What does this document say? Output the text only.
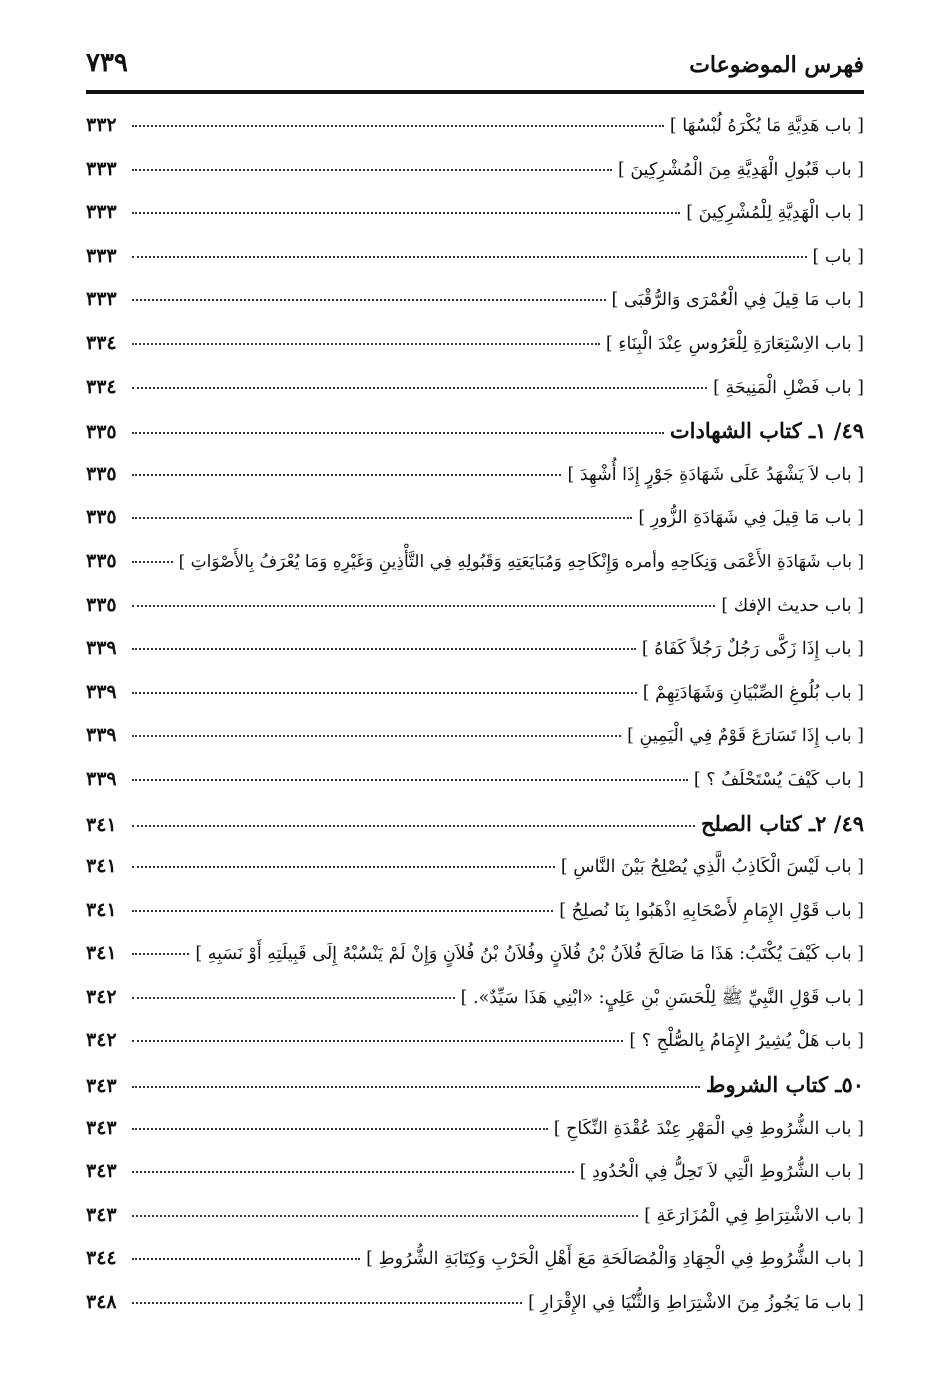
فهرس الموضوعات
٧٣٩
[ باب هَدِيَّةِ مَا يُكْرَهُ لُبْسُهَا ]
٣٣٢
[ باب قَبُولِ الْهَدِيَّةِ مِنَ الْمُشْرِكِينَ ]
٣٣٣
[ باب الْهَدِيَّةِ لِلْمُشْرِكِينَ ]
٣٣٣
[ باب ]
٣٣٣
[ باب مَا قِيلَ فِي الْعُمْرَى وَالرُّقْبَى ]
٣٣٣
[ باب الاِسْتِعَارَةِ لِلْعَرُوسِ عِنْدَ الْبِنَاءِ ]
٣٣٤
[ باب فَضْلِ الْمَنِيحَةِ ]
٣٣٤
٤٩/ ١ـ كتاب الشهادات
٣٣٥
[ باب لاَ يَشْهَدُ عَلَى شَهَادَةِ جَوْرٍ إِذَا أُشْهِدَ ]
٣٣٥
[ باب مَا قِيلَ فِي شَهَادَةِ الزُّورِ ]
٣٣٥
[ باب شَهَادَةِ الأَعْمَى وَنِكَاحِهِ وأمره وَإِنْكَاحِهِ وَمُبَايَعَتِهِ وَقَبُولِهِ فِي التَّأْذِينِ وَغَيْرِهِ وَمَا يُعْرَفُ بِالأَصْوَاتِ ]
٣٣٥
[ باب حديث الإفك ]
٣٣٥
[ باب إِذَا زَكَّى رَجُلٌ رَجُلاً كَفَاهُ ]
٣٣٩
[ باب بُلُوغِ الصِّبْيَانِ وَشَهَادَتِهِمْ ]
٣٣٩
[ باب إِذَا تَسَارَعَ قَوْمٌ فِي الْيَمِينِ ]
٣٣٩
[ باب كَيْفَ يُسْتَحْلَفُ ؟ ]
٣٣٩
٤٩/ ٢ـ كتاب الصلح
٣٤١
[ باب لَيْسَ الْكَاذِبُ الَّذِي يُصْلِحُ بَيْنَ النَّاسِ ]
٣٤١
[ باب قَوْلِ الإِمَامِ لأَصْحَابِهِ اذْهَبُوا بِنَا نُصلِحُ ]
٣٤١
[ باب كَيْفَ يُكْتَبُ: هَذَا مَا صَالَحَ فُلاَنُ بْنُ فُلاَنٍ وفُلاَنُ بْنُ فُلاَنٍ وَإِنْ لَمْ يَنْسُبْهُ إِلَى قَبِيلَتِهِ أَوْ نَسَبِهِ ]
٣٤١
[ باب قَوْلِ النَّبِيِّ ﷺ لِلْحَسَنِ بْنِ عَلِيٍ: «ابْنِي هَذَا سَيِّدٌ». ]
٣٤٢
[ باب هَلْ يُشِيرُ الإِمَامُ بِالصُّلْحِ ؟ ]
٣٤٢
٥٠ـ كتاب الشروط
٣٤٣
[ باب الشُّرُوطِ فِي الْمَهْرِ عِنْدَ عُقْدَةِ النِّكَاحِ ]
٣٤٣
[ باب الشُّرُوطِ الَّتِي لاَ تَحِلُّ فِي الْحُدُودِ ]
٣٤٣
[ باب الاشْتِرَاطِ فِي الْمُزَارَعَةِ ]
٣٤٣
[ باب الشُّرُوطِ فِي الْجِهَادِ وَالْمُصَالَحَةِ مَعَ أَهْلِ الْحَرْبِ وَكِتَابَةِ الشُّرُوطِ ]
٣٤٤
[ باب مَا يَجُوزُ مِنَ الاشْتِرَاطِ وَالثُّنْيَا فِي الإِقْرَارِ ]
٣٤٨
